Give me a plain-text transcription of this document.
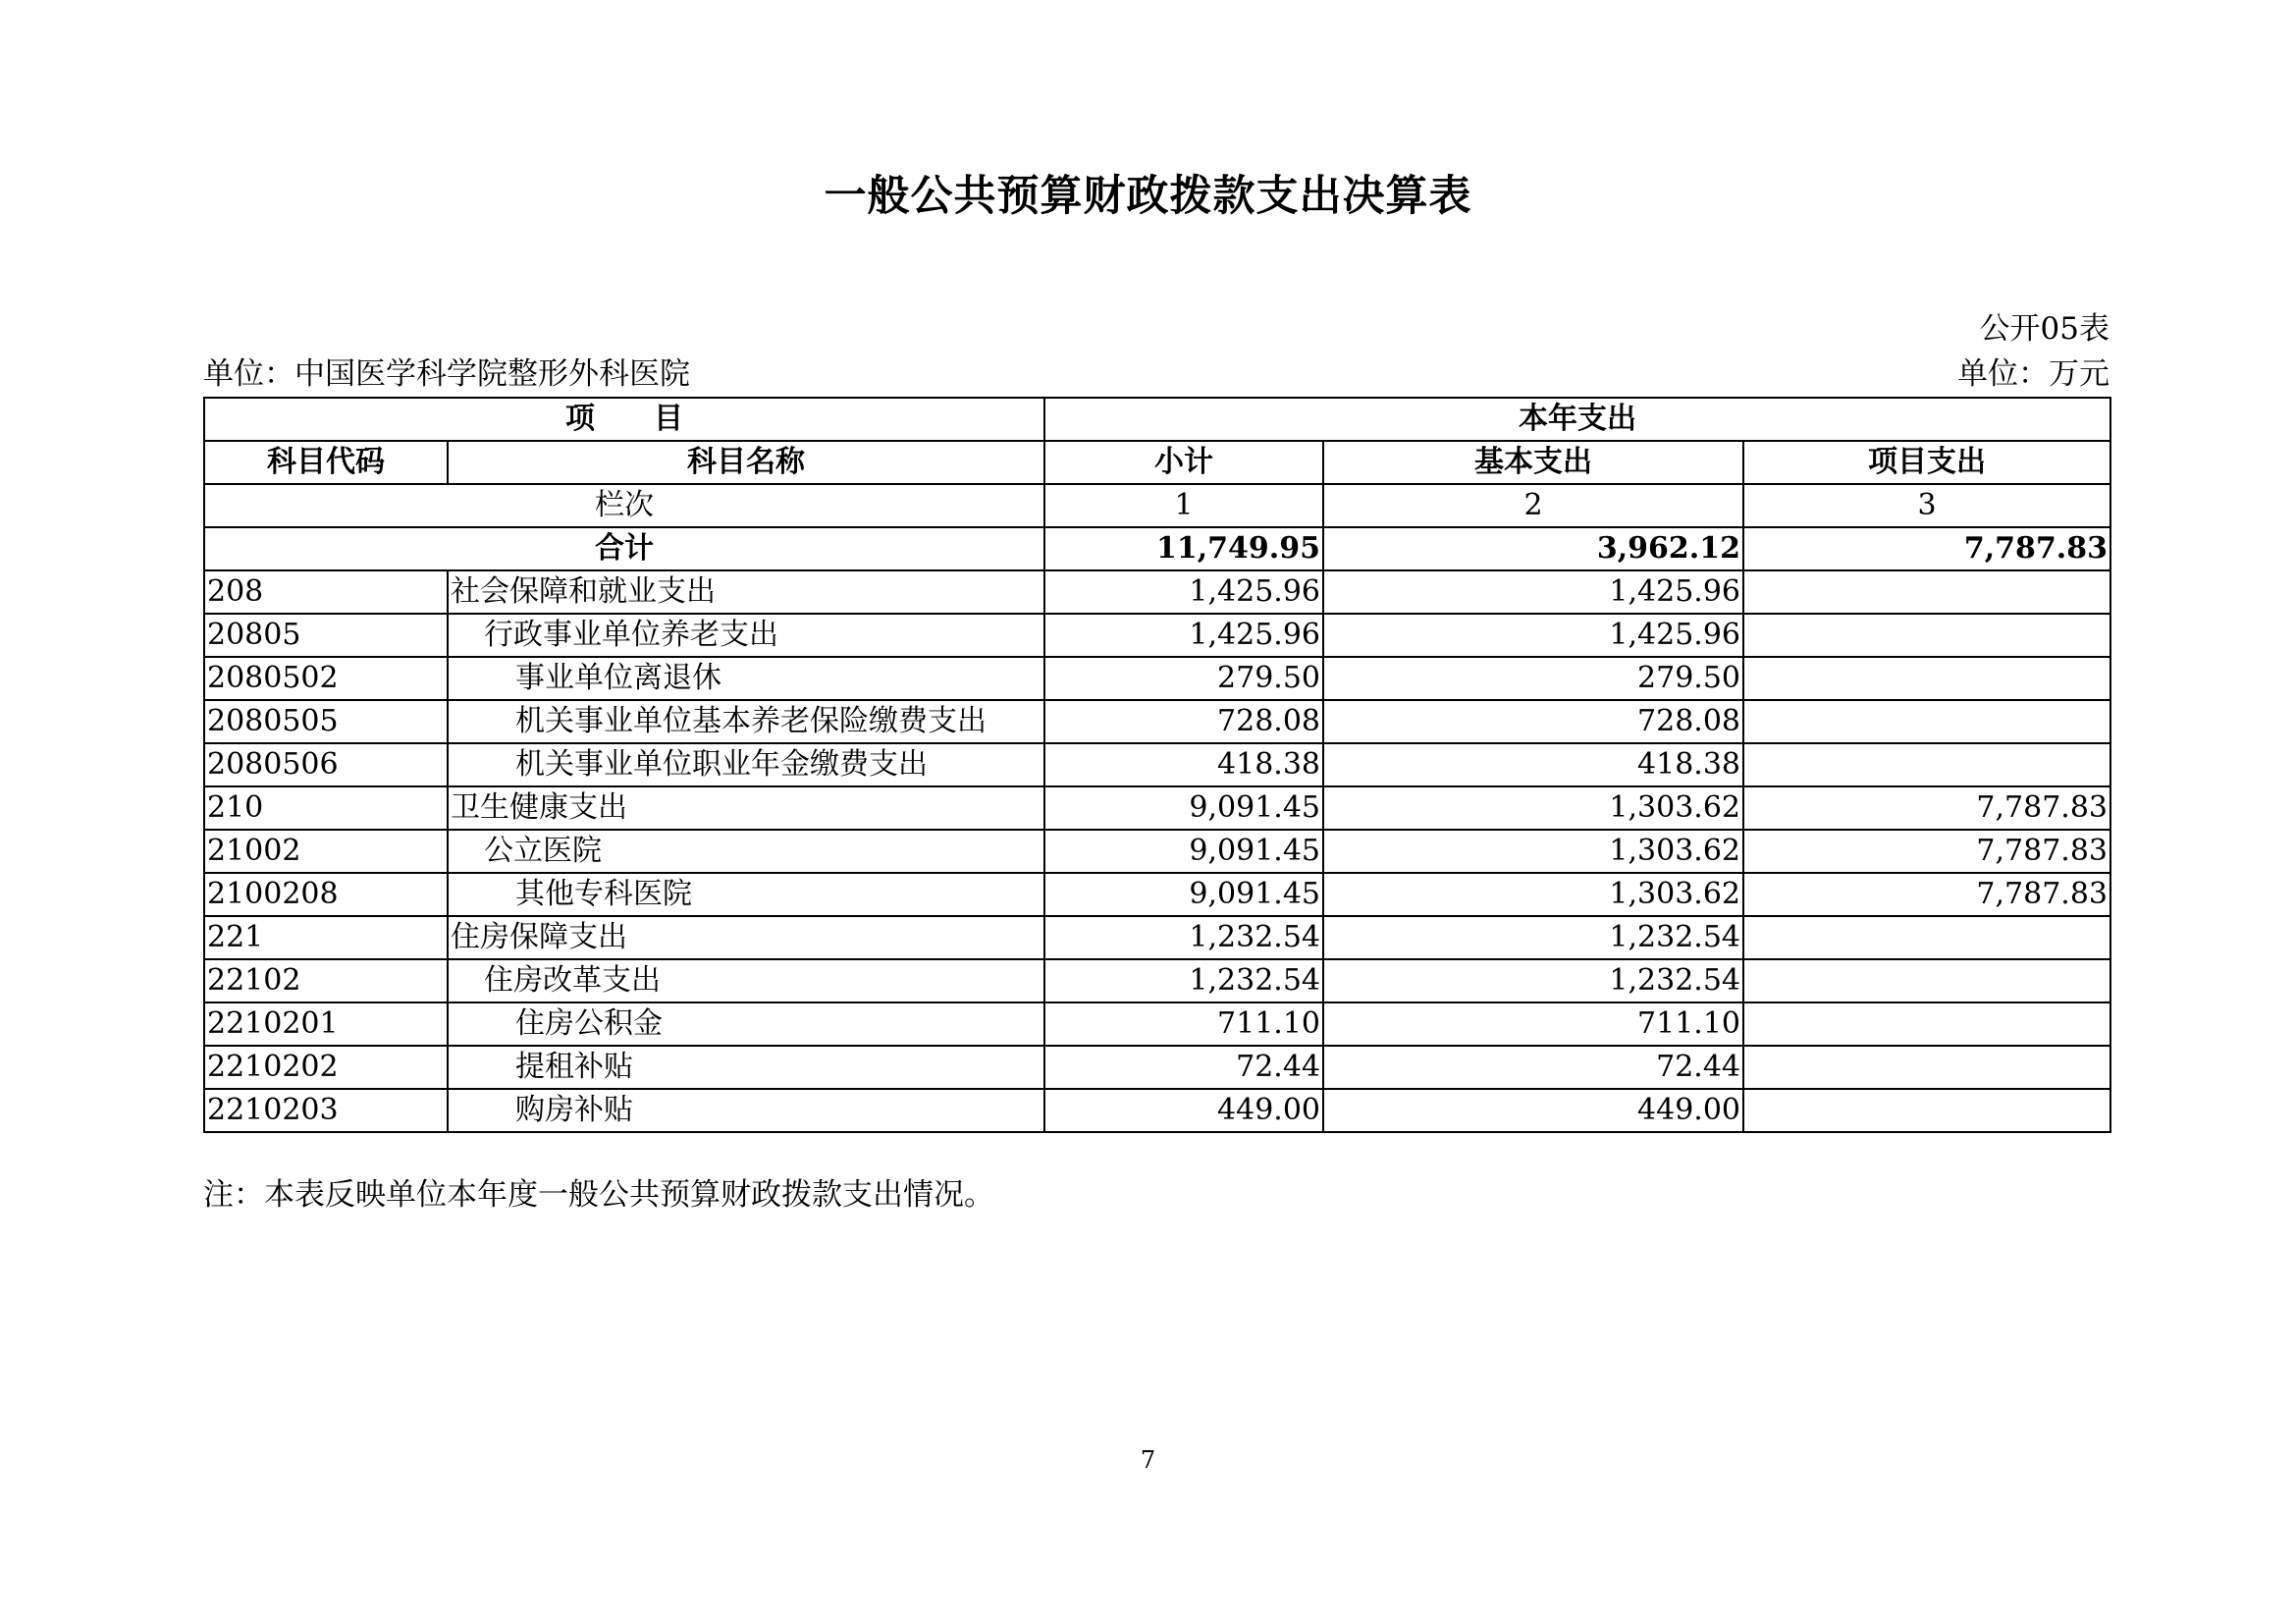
一般公共预算财政拨款支出决算表
公开05表
单位：中国医学科学院整形外科医院	单位：万元
项　　目		本年支出		
科目代码	科目名称	小计	基本支出	项目支出
栏次		1	2	3
合计		11,749.95	3,962.12	7,787.83
208	社会保障和就业支出	1,425.96	1,425.96	
20805	行政事业单位养老支出	1,425.96	1,425.96	
2080502	事业单位离退休	279.50	279.50	
2080505	机关事业单位基本养老保险缴费支出	728.08	728.08	
2080506	机关事业单位职业年金缴费支出	418.38	418.38	
210	卫生健康支出	9,091.45	1,303.62	7,787.83
21002	公立医院	9,091.45	1,303.62	7,787.83
2100208	其他专科医院	9,091.45	1,303.62	7,787.83
221	住房保障支出	1,232.54	1,232.54	
22102	住房改革支出	1,232.54	1,232.54	
2210201	住房公积金	711.10	711.10	
2210202	提租补贴	72.44	72.44	
2210203	购房补贴	449.00	449.00	
注：本表反映单位本年度一般公共预算财政拨款支出情况。
7
